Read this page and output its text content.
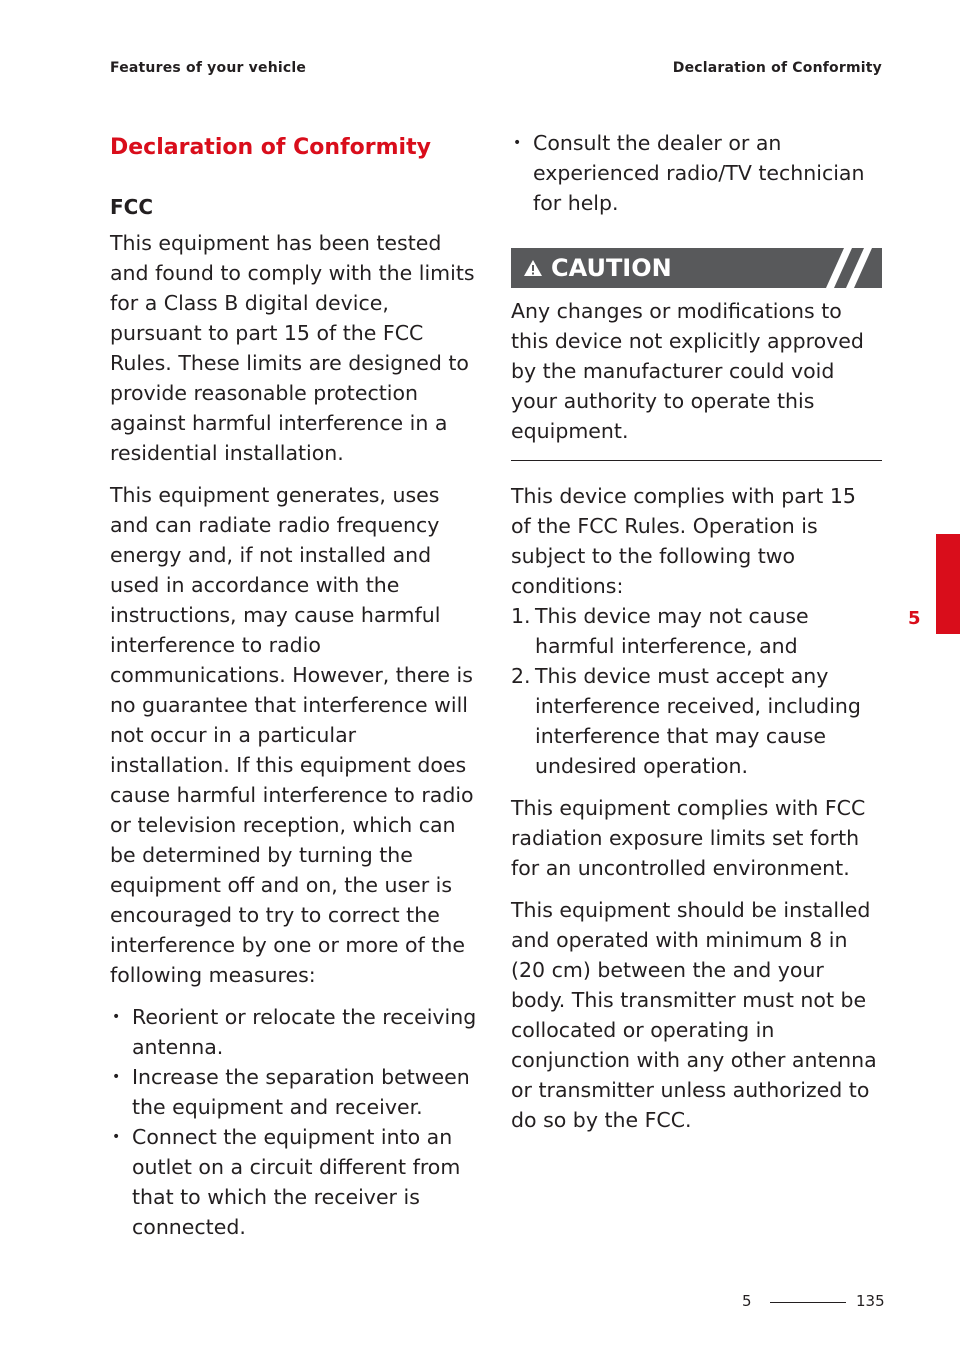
Features of your vehicle	Declaration of Conformity
Declaration of Conformity
FCC

This equipment has been tested and found to comply with the limits for a Class B digital device, pursuant to part 15 of the FCC Rules. These limits are designed to provide reasonable protection against harmful interference in a residential installation.

This equipment generates, uses and can radiate radio frequency energy and, if not installed and used in accordance with the instructions, may cause harmful interference to radio communications. However, there is no guarantee that interference will not occur in a particular installation. If this equipment does cause harmful interference to radio or television reception, which can be determined by turning the equipment off and on, the user is encouraged to try to correct the interference by one or more of the following measures:

• Reorient or relocate the receiving antenna.
• Increase the separation between the equipment and receiver.
• Connect the equipment into an outlet on a circuit different from that to which the receiver is connected.
• Consult the dealer or an experienced radio/TV technician for help.
CAUTION

Any changes or modifications to this device not explicitly approved by the manufacturer could void your authority to operate this equipment.

This device complies with part 15 of the FCC Rules. Operation is subject to the following two conditions:

1. This device may not cause harmful interference, and
2. This device must accept any interference received, including interference that may cause undesired operation.

This equipment complies with FCC radiation exposure limits set forth for an uncontrolled environment.

This equipment should be installed and operated with minimum 8 in (20 cm) between the and your body. This transmitter must not be collocated or operating in conjunction with any other antenna or transmitter unless authorized to do so by the FCC.

5
5	135
